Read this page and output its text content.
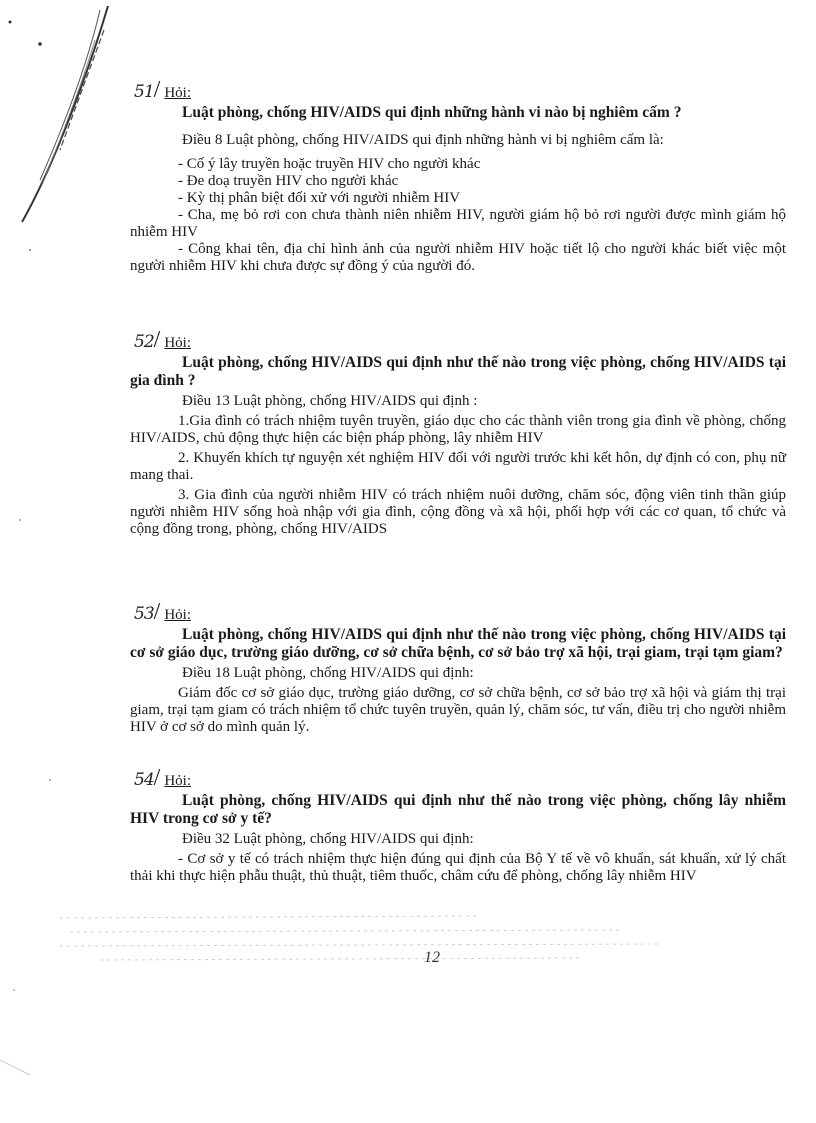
51/ Hỏi:

Luật phòng, chống HIV/AIDS qui định những hành vi nào bị nghiêm cấm ?

Điều 8 Luật phòng, chống HIV/AIDS qui định những hành vi bị nghiêm cấm là:

- Cố ý lây truyền hoặc truyền HIV cho người khác

- Đe doạ truyền HIV cho người khác

- Kỳ thị phân biệt đối xử với người nhiễm HIV

- Cha, mẹ bỏ rơi con chưa thành niên nhiễm HIV, người giám hộ bỏ rơi người được mình giám hộ nhiễm HIV

- Công khai tên, địa chỉ hình ảnh của người nhiễm HIV hoặc tiết lộ cho người khác biết việc một người nhiễm HIV khi chưa được sự đồng ý của người đó.

52/ Hỏi:

Luật phòng, chống HIV/AIDS qui định như thế nào trong việc phòng, chống HIV/AIDS tại gia đình ?

Điều 13 Luật phòng, chống HIV/AIDS qui định :

1.Gia đình có trách nhiệm tuyên truyền, giáo dục cho các thành viên trong gia đình về phòng, chống HIV/AIDS, chủ động thực hiện các biện pháp phòng, lây nhiễm HIV

2. Khuyến khích tự nguyện xét nghiệm HIV đối với người trước khi kết hôn, dự định có con, phụ nữ mang thai.

3. Gia đình của người nhiễm HIV có trách nhiệm nuôi dưỡng, chăm sóc, động viên tinh thần giúp người nhiễm HIV sống hoà nhập với gia đình, cộng đồng và xã hội, phối hợp với các cơ quan, tổ chức và cộng đồng trong, phòng, chống HIV/AIDS

53/ Hỏi:

Luật phòng, chống HIV/AIDS qui định như thế nào trong việc phòng, chống HIV/AIDS tại cơ sở giáo dục, trường giáo dưỡng, cơ sở chữa bệnh, cơ sở bảo trợ xã hội, trại giam, trại tạm giam?

Điều 18 Luật phòng, chống HIV/AIDS qui định:

Giám đốc cơ sở giáo dục, trường giáo dưỡng, cơ sở chữa bệnh, cơ sở bảo trợ xã hội và giám thị trại giam, trại tạm giam có trách nhiệm tổ chức tuyên truyền, quản lý, chăm sóc, tư vấn, điều trị cho người nhiễm HIV ở cơ sở do mình quản lý.

54/ Hỏi:

Luật phòng, chống HIV/AIDS qui định như thế nào trong việc phòng, chống lây nhiễm HIV trong cơ sở y tế?

Điều 32 Luật phòng, chống HIV/AIDS qui định:

- Cơ sở y tế có trách nhiệm thực hiện đúng qui định của Bộ Y tế về vô khuẩn, sát khuẩn, xử lý chất thải khi thực hiện phẫu thuật, thủ thuật, tiêm thuốc, châm cứu để phòng, chống lây nhiễm HIV

12
